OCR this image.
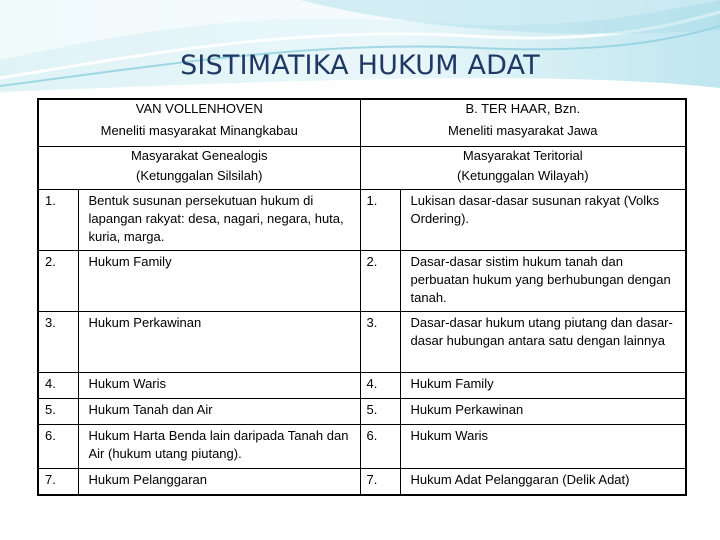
SISTIMATIKA HUKUM ADAT
VAN VOLLENHOVEN		B. TER HAAR, Bzn.	
Meneliti masyarakat Minangkabau		Meneliti masyarakat Jawa	
Masyarakat Genealogis		Masyarakat Teritorial	
(Ketunggalan Silsilah)		(Ketunggalan Wilayah)	
1.	Bentuk susunan persekutuan hukum di lapangan rakyat: desa, nagari, negara, huta, kuria, marga.	1.	Lukisan dasar-dasar susunan rakyat (Volks Ordering).
2.	Hukum Family	2.	Dasar-dasar sistim hukum tanah dan perbuatan hukum yang berhubungan dengan tanah.
3.	Hukum Perkawinan	3.	Dasar-dasar hukum utang piutang dan dasar-dasar hubungan antara satu dengan lainnya
4.	Hukum Waris	4.	Hukum Family
5.	Hukum Tanah dan Air	5.	Hukum Perkawinan
6.	Hukum Harta Benda lain daripada Tanah dan Air (hukum utang piutang).	6.	Hukum Waris
7.	Hukum Pelanggaran	7.	Hukum Adat Pelanggaran (Delik Adat)
